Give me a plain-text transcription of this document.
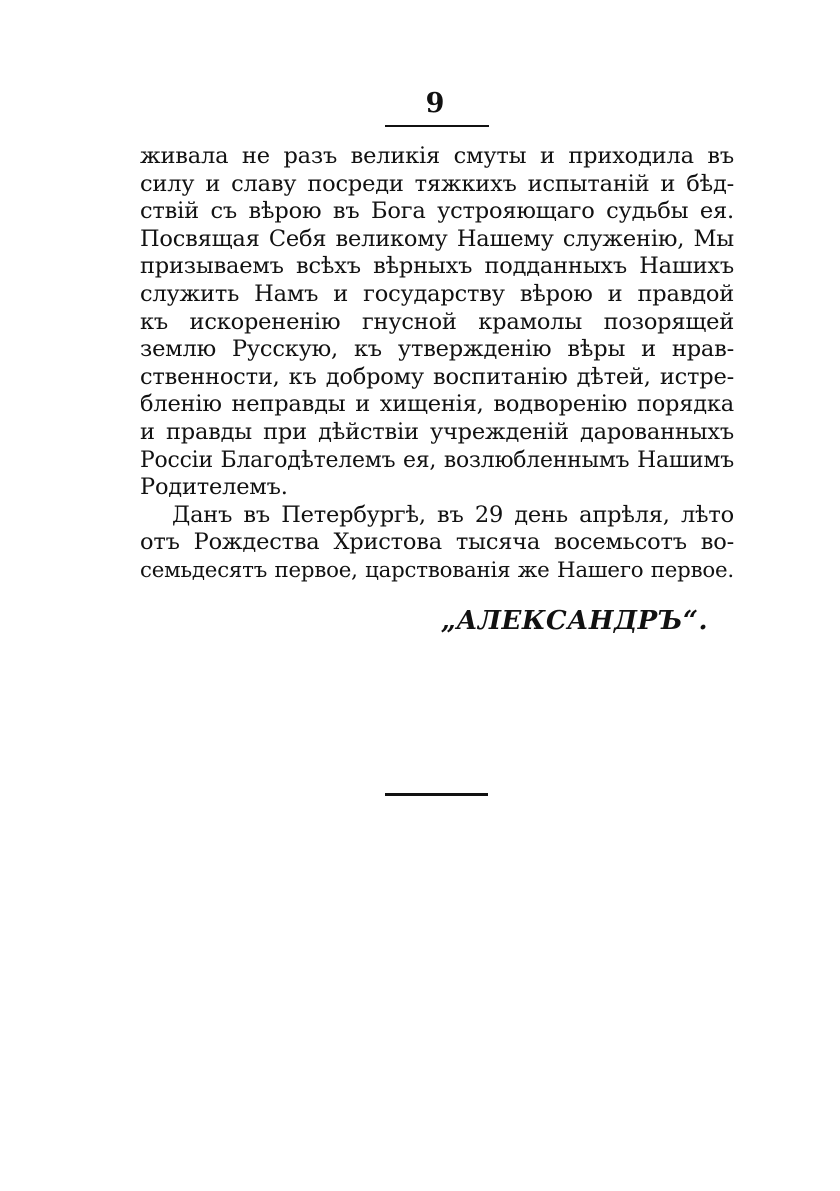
9
живала не разъ великія смуты и приходила въ
силу и славу посреди тяжкихъ испытаній и бѣд-
ствій съ вѣрою въ Бога устрояющаго судьбы ея.
Посвящая Себя великому Нашему служенію, Мы
призываемъ всѣхъ вѣрныхъ подданныхъ Нашихъ
служить Намъ и государству вѣрою и правдой
къ искорененію гнусной крамолы позорящей
землю Русскую, къ утвержденію вѣры и нрав-
ственности, къ доброму воспитанію дѣтей, истре-
бленію неправды и хищенія, водворенію порядка
и правды при дѣйствіи учрежденій дарованныхъ
Россіи Благодѣтелемъ ея, возлюбленнымъ Нашимъ
Родителемъ.
Данъ въ Петербургѣ, въ 29 день апрѣля, лѣто
отъ Рождества Христова тысяча восемьсотъ во-
семьдесятъ первое, царствованія же Нашего первое.
„АЛЕКСАНДРЪ“.
